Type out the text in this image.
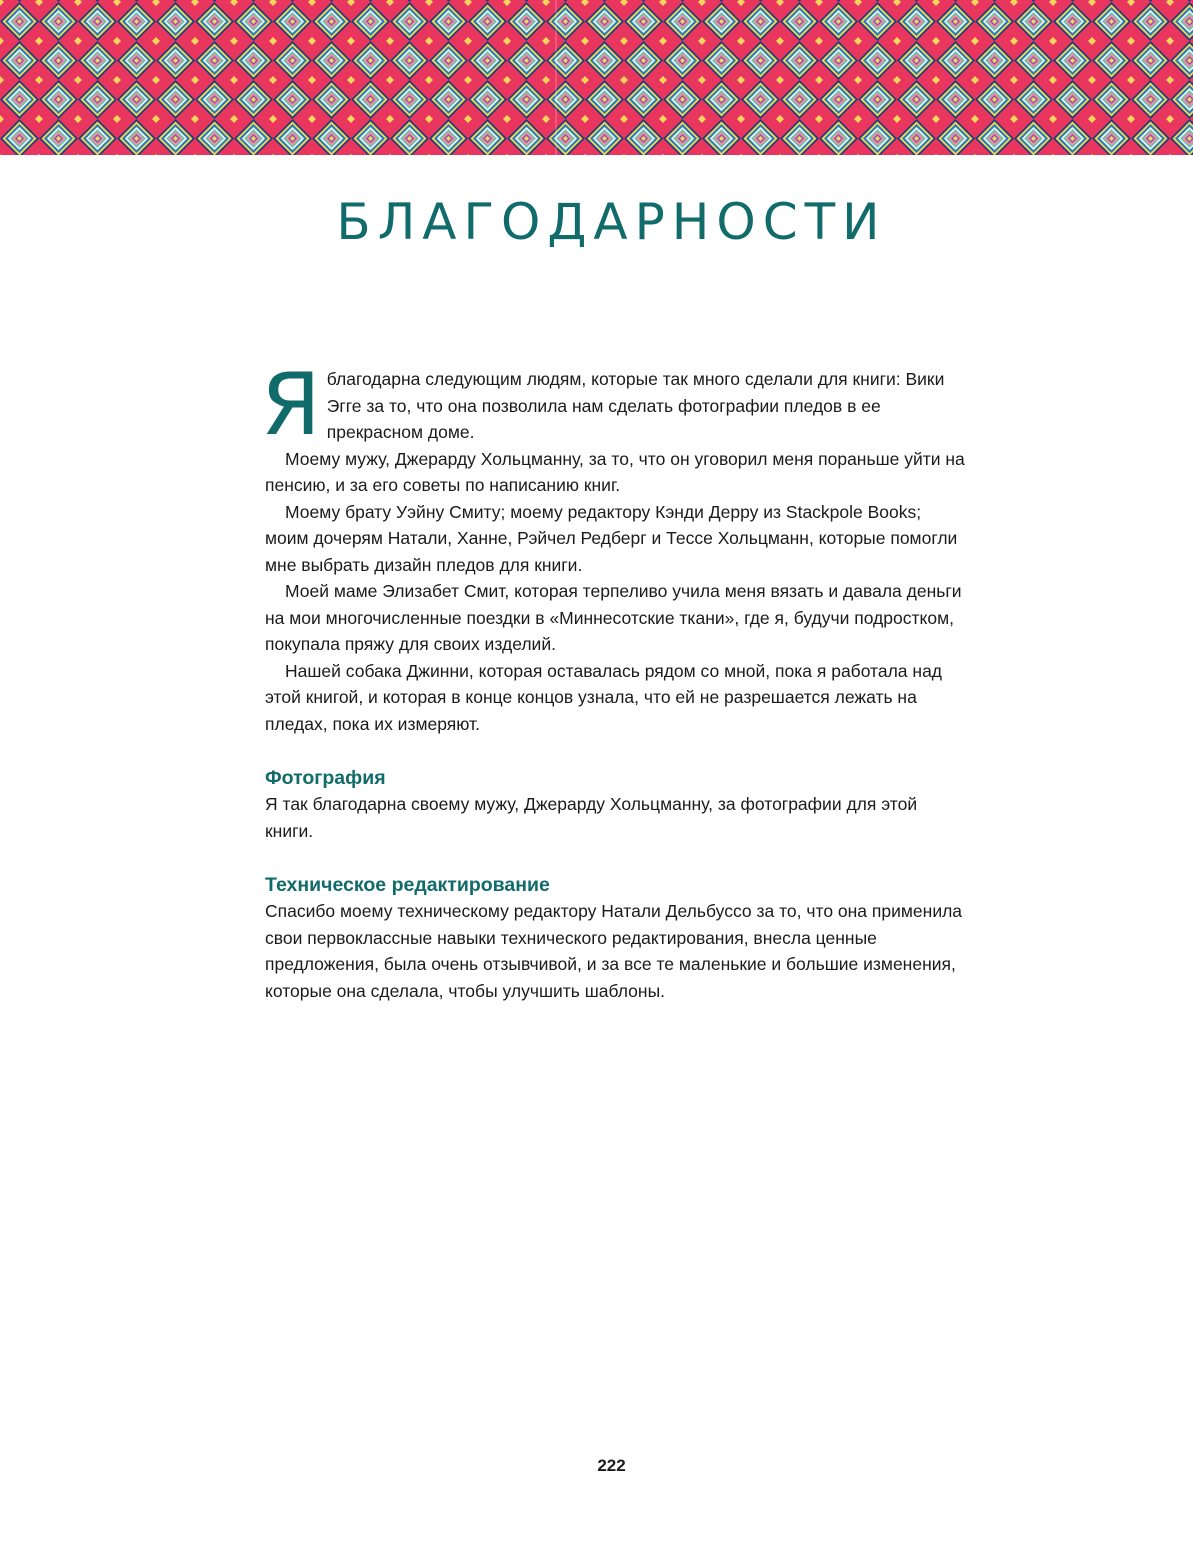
БЛАГОДАРНОСТИ

Яблагодарна следующим людям, которые так много сделали для книги: Вики Эгге за то, что она позволила нам сделать фотографии пледов в ее прекрасном доме.

Моему мужу, Джерарду Хольцманну, за то, что он уговорил меня пораньше уйти на пенсию, и за его советы по написанию книг.

Моему брату Уэйну Смиту; моему редактору Кэнди Дерру из Stackpole Books; моим дочерям Натали, Ханне, Рэйчел Редберг и Тессе Хольцманн, которые помогли мне выбрать дизайн пледов для книги.

Моей маме Элизабет Смит, которая терпеливо учила меня вязать и давала деньги на мои многочисленные поездки в «Миннесотские ткани», где я, будучи подростком, покупала пряжу для своих изделий.

Нашей собака Джинни, которая оставалась рядом со мной, пока я работала над этой книгой, и которая в конце концов узнала, что ей не разрешается лежать на пледах, пока их измеряют.

Фотография

Я так благодарна своему мужу, Джерарду Хольцманну, за фотографии для этой книги.

Техническое редактирование

Спасибо моему техническому редактору Натали Дельбуссо за то, что она применила свои первоклассные навыки технического редактирования, внесла ценные предложения, была очень отзывчивой, и за все те маленькие и большие изменения, которые она сделала, чтобы улучшить шаблоны.

222
